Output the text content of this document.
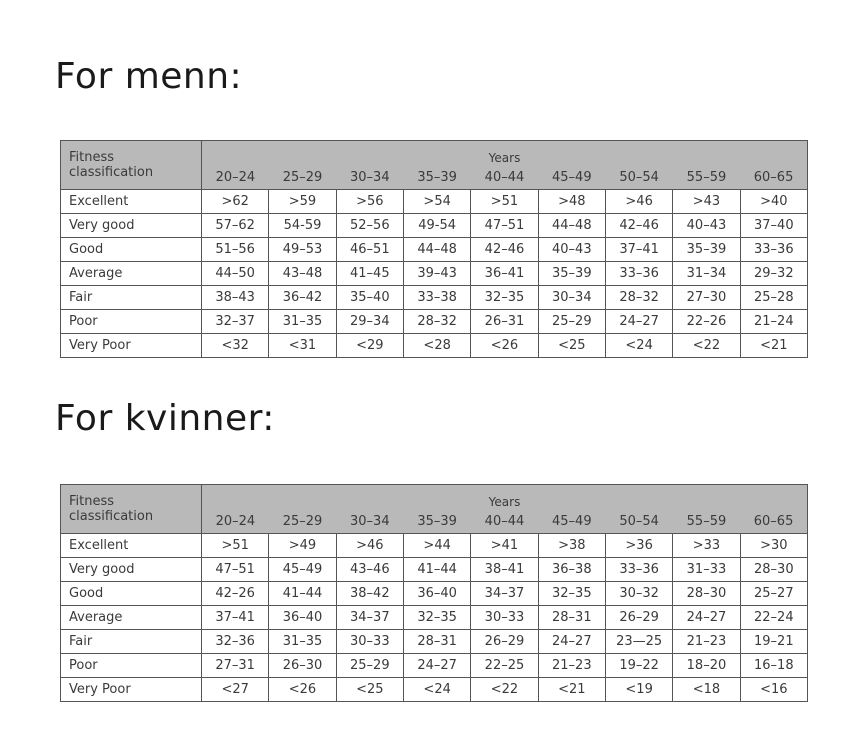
For menn:
Fitness classification	Years								
	20–24	25–29	30–34	35–39	40–44	45–49	50–54	55–59	60–65
Excellent	>62	>59	>56	>54	>51	>48	>46	>43	>40
Very good	57–62	54-59	52–56	49-54	47–51	44–48	42–46	40–43	37–40
Good	51–56	49–53	46–51	44–48	42–46	40–43	37–41	35–39	33–36
Average	44–50	43–48	41–45	39–43	36–41	35–39	33–36	31–34	29–32
Fair	38–43	36–42	35–40	33–38	32–35	30–34	28–32	27–30	25–28
Poor	32–37	31–35	29–34	28–32	26–31	25–29	24–27	22–26	21–24
Very Poor	<32	<31	<29	<28	<26	<25	<24	<22	<21
For kvinner:
Fitness classification	Years								
	20–24	25–29	30–34	35–39	40–44	45–49	50–54	55–59	60–65
Excellent	>51	>49	>46	>44	>41	>38	>36	>33	>30
Very good	47–51	45–49	43–46	41–44	38–41	36–38	33–36	31–33	28–30
Good	42–26	41–44	38–42	36–40	34–37	32–35	30–32	28–30	25–27
Average	37–41	36–40	34–37	32–35	30–33	28–31	26–29	24–27	22–24
Fair	32–36	31–35	30–33	28–31	26–29	24–27	23—25	21–23	19–21
Poor	27–31	26–30	25–29	24–27	22–25	21–23	19–22	18–20	16–18
Very Poor	<27	<26	<25	<24	<22	<21	<19	<18	<16
